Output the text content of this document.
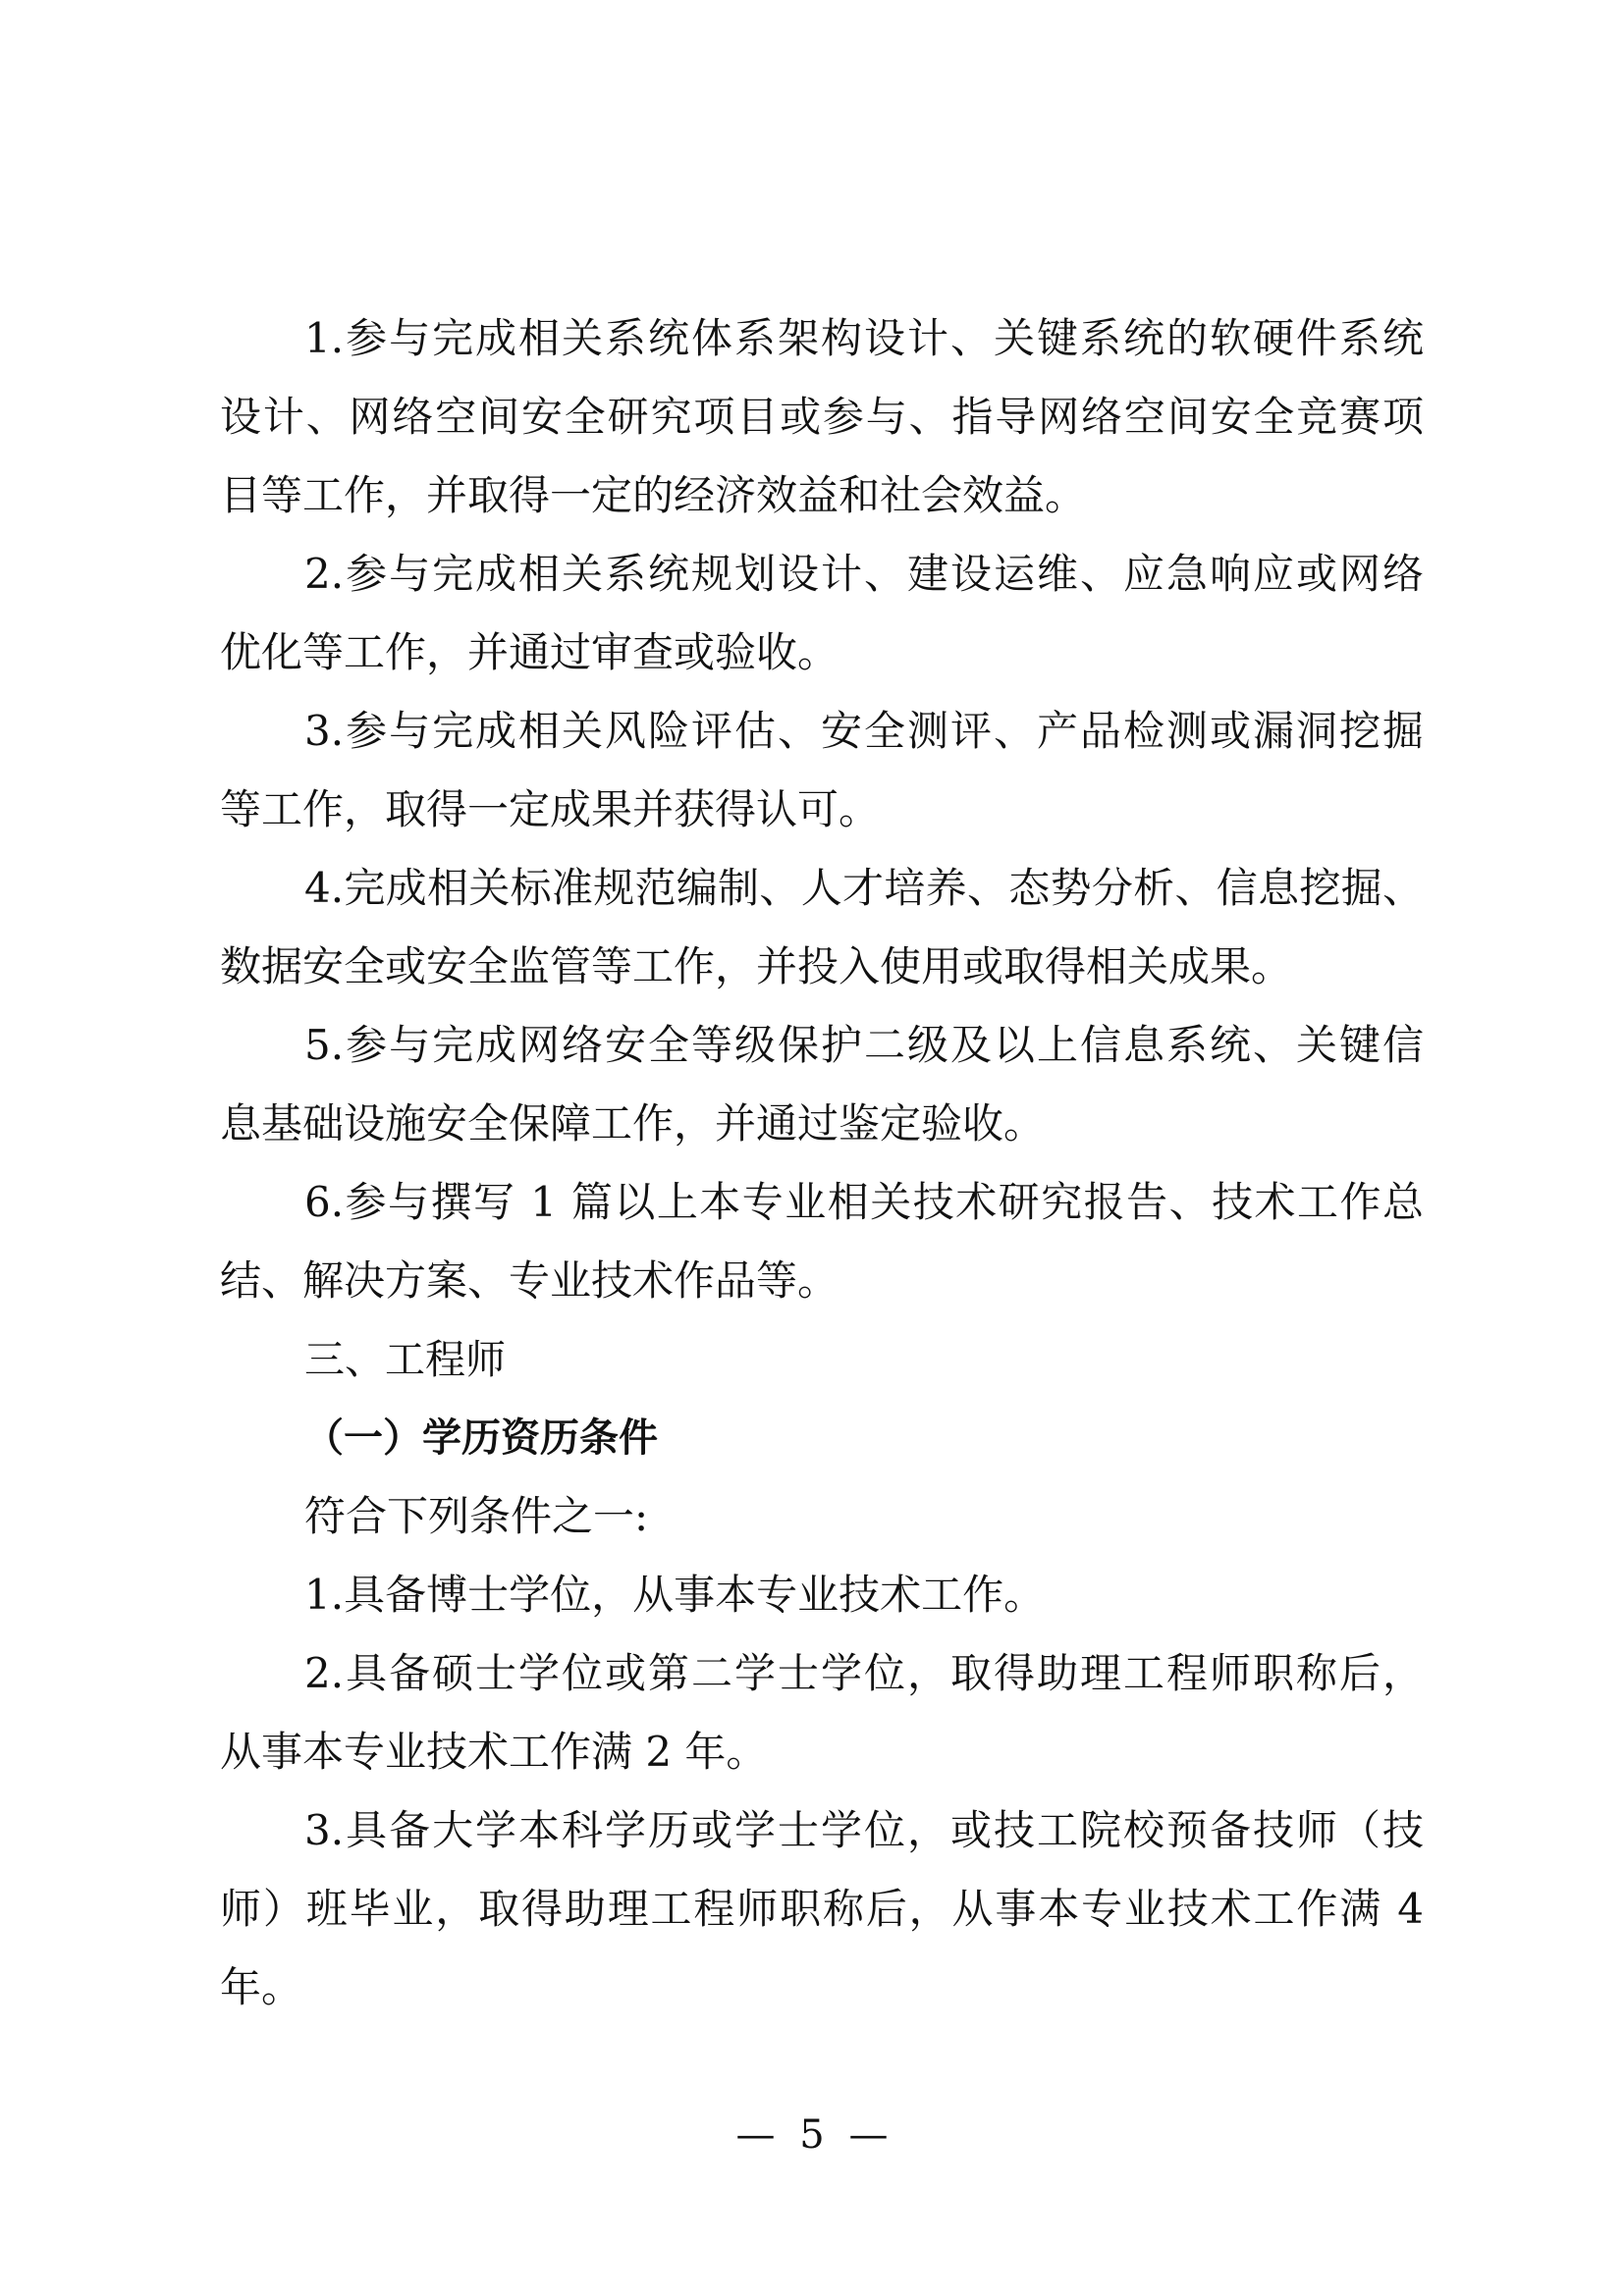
1.参与完成相关系统体系架构设计、关键系统的软硬件系统
设计、网络空间安全研究项目或参与、指导网络空间安全竞赛项
目等工作，并取得一定的经济效益和社会效益。
2.参与完成相关系统规划设计、建设运维、应急响应或网络
优化等工作，并通过审查或验收。
3.参与完成相关风险评估、安全测评、产品检测或漏洞挖掘
等工作，取得一定成果并获得认可。
4.完成相关标准规范编制、人才培养、态势分析、信息挖掘、
数据安全或安全监管等工作，并投入使用或取得相关成果。
5.参与完成网络安全等级保护二级及以上信息系统、关键信
息基础设施安全保障工作，并通过鉴定验收。
6.参与撰写 1 篇以上本专业相关技术研究报告、技术工作总
结、解决方案、专业技术作品等。
三、工程师
（一）学历资历条件
符合下列条件之一:
1.具备博士学位，从事本专业技术工作。
2.具备硕士学位或第二学士学位，取得助理工程师职称后，
从事本专业技术工作满 2 年。
3.具备大学本科学历或学士学位，或技工院校预备技师（技
师）班毕业，取得助理工程师职称后，从事本专业技术工作满 4
年。
— 5 —
